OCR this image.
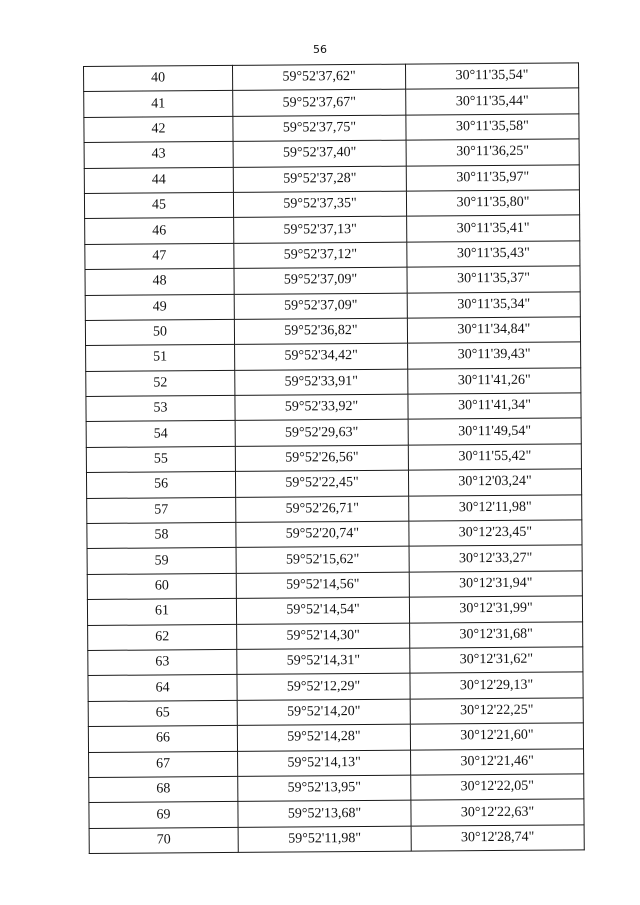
56
40	59°52'37,62"	30°11'35,54"
41	59°52'37,67"	30°11'35,44"
42	59°52'37,75"	30°11'35,58"
43	59°52'37,40"	30°11'36,25"
44	59°52'37,28"	30°11'35,97"
45	59°52'37,35"	30°11'35,80"
46	59°52'37,13"	30°11'35,41"
47	59°52'37,12"	30°11'35,43"
48	59°52'37,09"	30°11'35,37"
49	59°52'37,09"	30°11'35,34"
50	59°52'36,82"	30°11'34,84"
51	59°52'34,42"	30°11'39,43"
52	59°52'33,91"	30°11'41,26"
53	59°52'33,92"	30°11'41,34"
54	59°52'29,63"	30°11'49,54"
55	59°52'26,56"	30°11'55,42"
56	59°52'22,45"	30°12'03,24"
57	59°52'26,71"	30°12'11,98"
58	59°52'20,74"	30°12'23,45"
59	59°52'15,62"	30°12'33,27"
60	59°52'14,56"	30°12'31,94"
61	59°52'14,54"	30°12'31,99"
62	59°52'14,30"	30°12'31,68"
63	59°52'14,31"	30°12'31,62"
64	59°52'12,29"	30°12'29,13"
65	59°52'14,20"	30°12'22,25"
66	59°52'14,28"	30°12'21,60"
67	59°52'14,13"	30°12'21,46"
68	59°52'13,95"	30°12'22,05"
69	59°52'13,68"	30°12'22,63"
70	59°52'11,98"	30°12'28,74"
